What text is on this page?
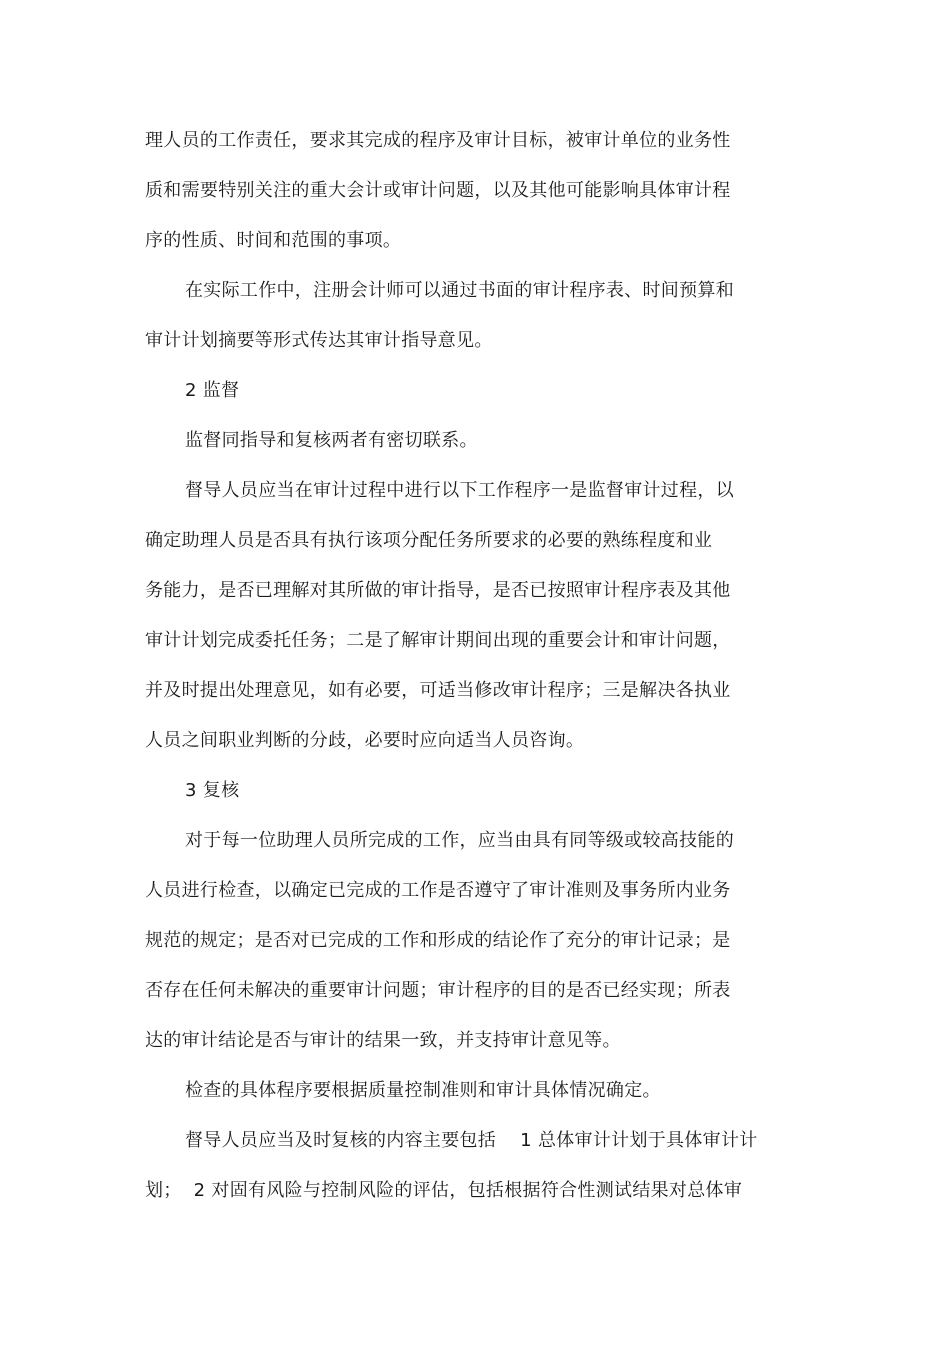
理人员的工作责任，要求其完成的程序及审计目标，被审计单位的业务性
质和需要特别关注的重大会计或审计问题，以及其他可能影响具体审计程
序的性质、时间和范围的事项。
在实际工作中，注册会计师可以通过书面的审计程序表、时间预算和
审计计划摘要等形式传达其审计指导意见。
2 监督
监督同指导和复核两者有密切联系。
督导人员应当在审计过程中进行以下工作程序一是监督审计过程，以
确定助理人员是否具有执行该项分配任务所要求的必要的熟练程度和业
务能力，是否已理解对其所做的审计指导，是否已按照审计程序表及其他
审计计划完成委托任务；二是了解审计期间出现的重要会计和审计问题，
并及时提出处理意见，如有必要，可适当修改审计程序；三是解决各执业
人员之间职业判断的分歧，必要时应向适当人员咨询。
3 复核
对于每一位助理人员所完成的工作，应当由具有同等级或较高技能的
人员进行检查，以确定已完成的工作是否遵守了审计准则及事务所内业务
规范的规定；是否对已完成的工作和形成的结论作了充分的审计记录；是
否存在任何未解决的重要审计问题；审计程序的目的是否已经实现；所表
达的审计结论是否与审计的结果一致，并支持审计意见等。
检查的具体程序要根据质量控制准则和审计具体情况确定。
督导人员应当及时复核的内容主要包括    1 总体审计计划于具体审计计
划；  2 对固有风险与控制风险的评估，包括根据符合性测试结果对总体审
